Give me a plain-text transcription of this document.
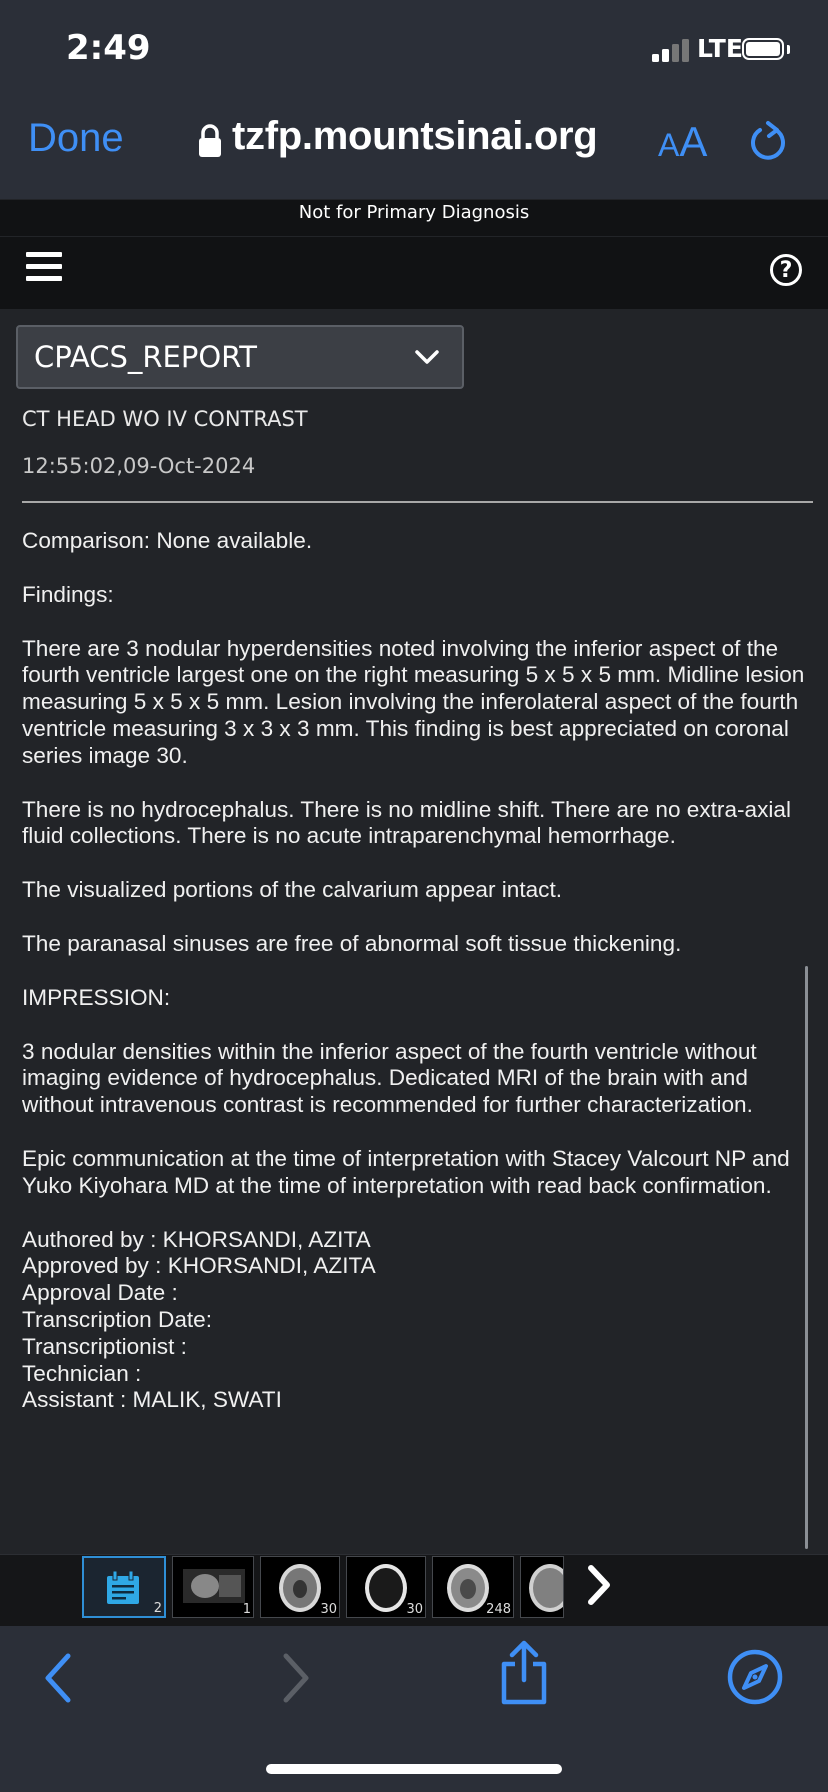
2:49	LTE
Done	tzfp.mountsinai.org AA
Not for Primary Diagnosis
?
CPACS_REPORT
CT HEAD WO IV CONTRAST
12:55:02,09-Oct-2024

Comparison: None available.

Findings:

There are 3 nodular hyperdensities noted involving the inferior aspect of the fourth ventricle largest one on the right measuring 5 x 5 x 5 mm. Midline lesion measuring 5 x 5 x 5 mm. Lesion involving the inferolateral aspect of the fourth ventricle measuring 3 x 3 x 3 mm. This finding is best appreciated on coronal series image 30.

There is no hydrocephalus. There is no midline shift. There are no extra-axial fluid collections. There is no acute intraparenchymal hemorrhage.

The visualized portions of the calvarium appear intact.

The paranasal sinuses are free of abnormal soft tissue thickening.

IMPRESSION:

3 nodular densities within the inferior aspect of the fourth ventricle without imaging evidence of hydrocephalus. Dedicated MRI of the brain with and without intravenous contrast is recommended for further characterization.

Epic communication at the time of interpretation with Stacey Valcourt NP and Yuko Kiyohara MD at the time of interpretation with read back confirmation.

Authored by : KHORSANDI, AZITA
Approved by : KHORSANDI, AZITA
Approval Date :
Transcription Date:
Transcriptionist :
Technician :
Assistant : MALIK, SWATI
2	1	30	30	248
